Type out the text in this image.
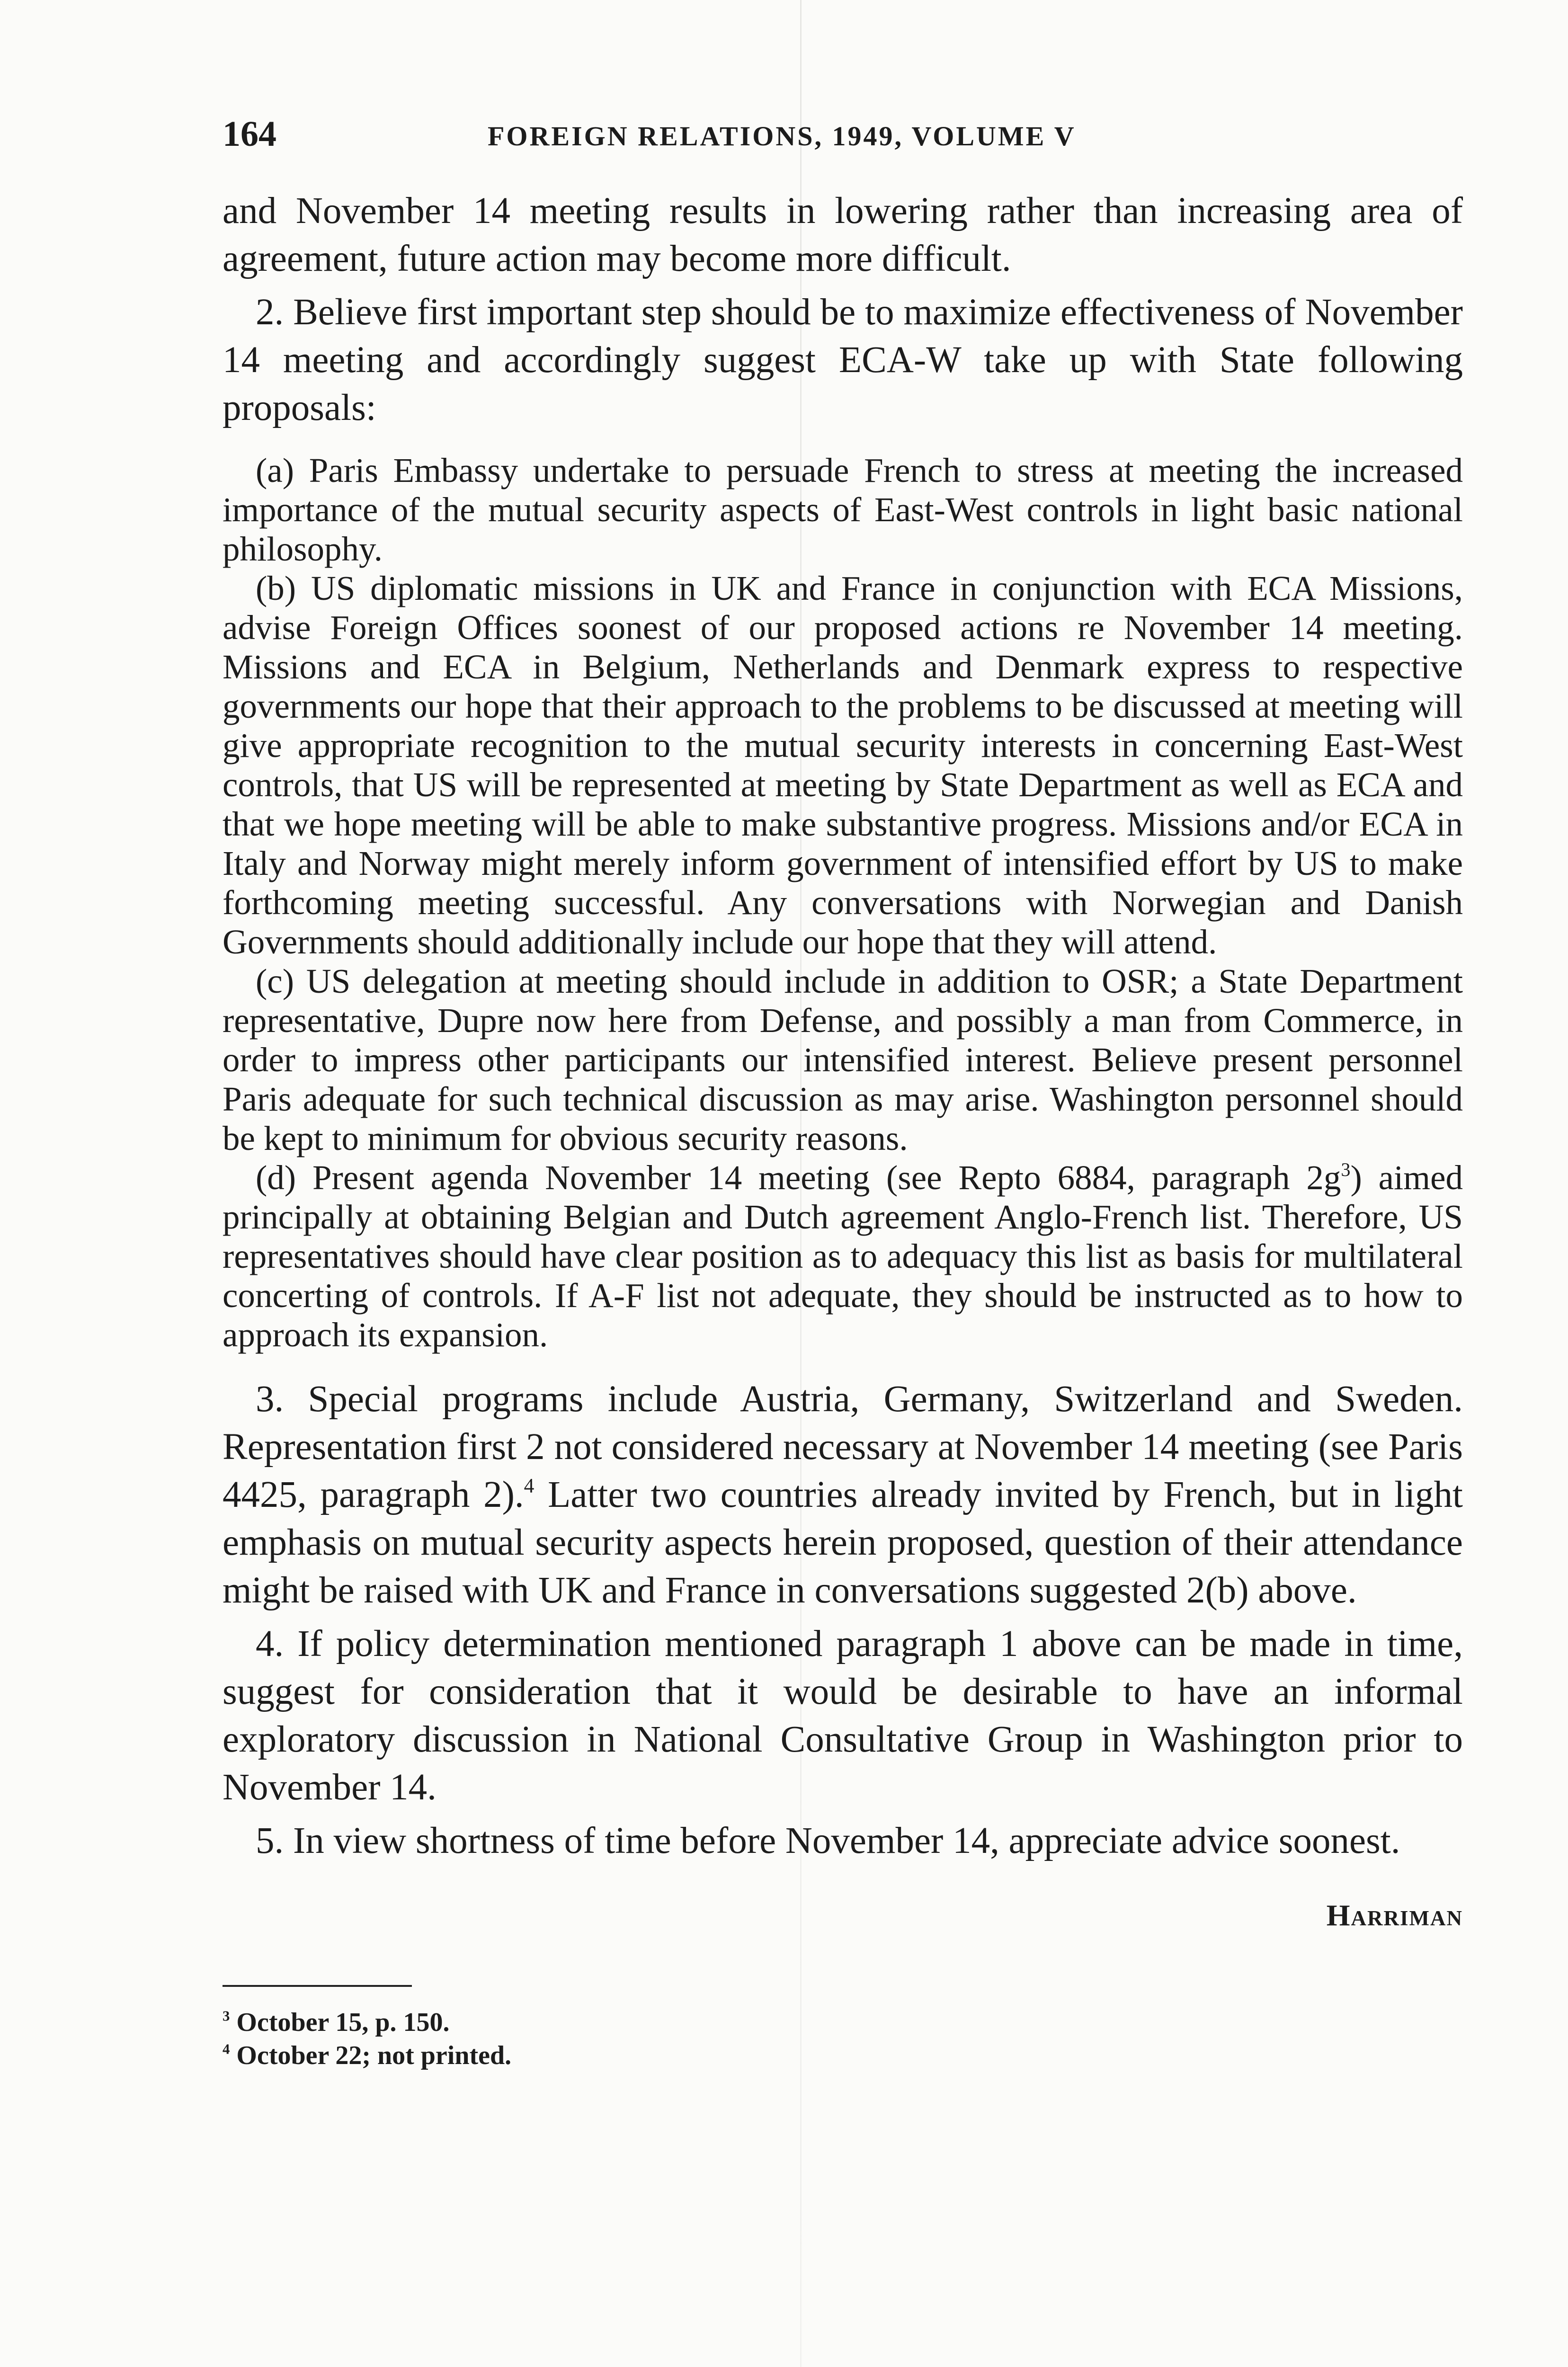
164	FOREIGN RELATIONS, 1949, VOLUME V

and November 14 meeting results in lowering rather than increasing area of agreement, future action may become more difficult.

2. Believe first important step should be to maximize effectiveness of November 14 meeting and accordingly suggest ECA-W take up with State following proposals:

(a) Paris Embassy undertake to persuade French to stress at meeting the increased importance of the mutual security aspects of East-West controls in light basic national philosophy.

(b) US diplomatic missions in UK and France in conjunction with ECA Missions, advise Foreign Offices soonest of our proposed actions re November 14 meeting. Missions and ECA in Belgium, Netherlands and Denmark express to respective governments our hope that their approach to the problems to be discussed at meeting will give appropriate recognition to the mutual security interests in concerning East-West controls, that US will be represented at meeting by State Department as well as ECA and that we hope meeting will be able to make substantive progress. Missions and/or ECA in Italy and Norway might merely inform government of intensified effort by US to make forthcoming meeting successful. Any conversations with Norwegian and Danish Governments should additionally include our hope that they will attend.

(c) US delegation at meeting should include in addition to OSR; a State Department representative, Dupre now here from Defense, and possibly a man from Commerce, in order to impress other participants our intensified interest. Believe present personnel Paris adequate for such technical discussion as may arise. Washington personnel should be kept to minimum for obvious security reasons.

(d) Present agenda November 14 meeting (see Repto 6884, paragraph $2g^3$) aimed principally at obtaining Belgian and Dutch agreement Anglo-French list. Therefore, US representatives should have clear position as to adequacy this list as basis for multilateral concerting of controls. If A-F list not adequate, they should be instructed as to how to approach its expansion.

3. Special programs include Austria, Germany, Switzerland and Sweden. Representation first 2 not considered necessary at November 14 meeting (see Paris 4425, paragraph 2).$^4$ Latter two countries already invited by French, but in light emphasis on mutual security aspects herein proposed, question of their attendance might be raised with UK and France in conversations suggested 2(b) above.

4. If policy determination mentioned paragraph 1 above can be made in time, suggest for consideration that it would be desirable to have an informal exploratory discussion in National Consultative Group in Washington prior to November 14.

5. In view shortness of time before November 14, appreciate advice soonest.

Harriman
$^3$ October 15, p. 150.
$^4$ October 22; not printed.
